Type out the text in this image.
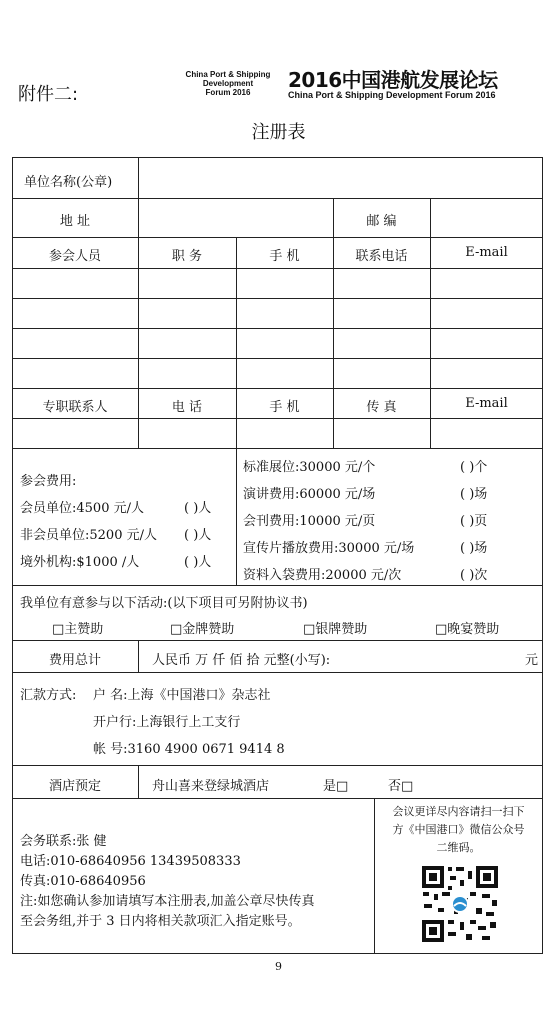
附件二:
China Port & Shipping
Development
Forum 2016
2016中国港航发展论坛
China Port & Shipping Development Forum 2016
注册表
单位名称(公章)
地 址	邮 编
参会人员	职 务	手 机	联系电话	E-mail
专职联系人	电 话	手 机	传 真	E-mail
参会费用:
会员单位:4500 元/人	( )人
非会员单位:5200 元/人 ( )人
境外机构:$1000 /人	( )人
标准展位:30000 元/个	( )个
演讲费用:60000 元/场	( )场
会刊费用:10000 元/页	( )页
宣传片播放费用:30000 元/场	( )场
资料入袋费用:20000 元/次	( )次
我单位有意参与以下活动:(以下项目可另附协议书)
□主赞助	□金牌赞助	□银牌赞助	□晚宴赞助
费用总计	人民币 万 仟 佰 拾 元整(小写):	元
汇款方式: 户 名:上海《中国港口》杂志社
开户行:上海银行上工支行
帐 号:3160 4900 0671 9414 8
酒店预定	舟山喜来登绿城酒店	是□	否□
会务联系:张 健
电话:010-68640956 13439508333
传真:010-68640956
注:如您确认参加请填写本注册表,加盖公章尽快传真
至会务组,并于 3 日内将相关款项汇入指定账号。
会议更详尽内容请扫一扫下
方《中国港口》微信公众号
二维码。
9
